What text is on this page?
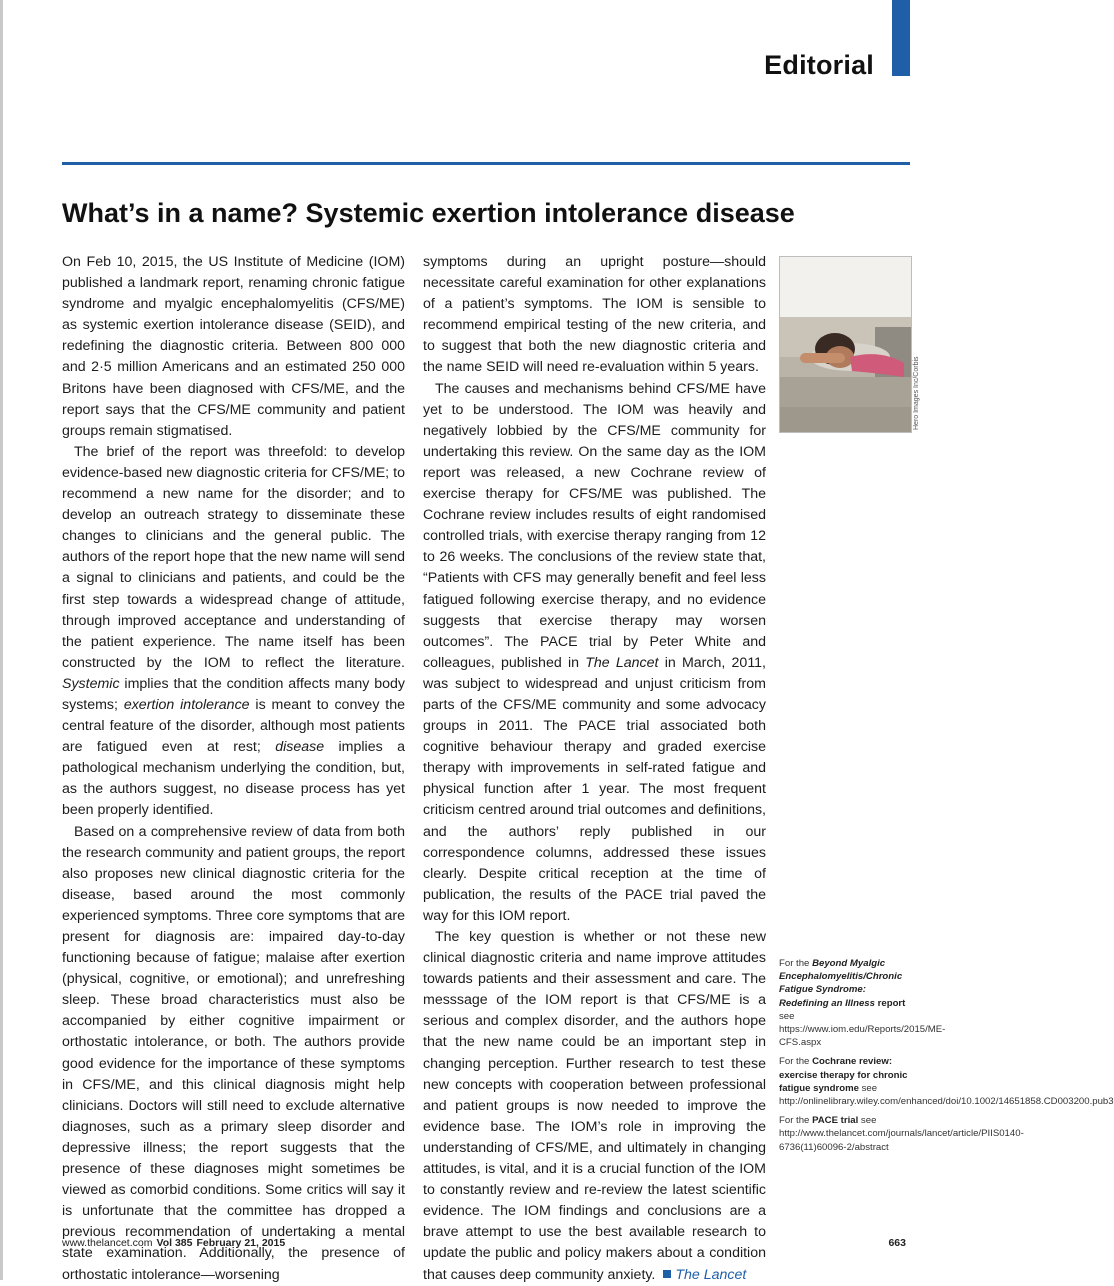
Editorial
What’s in a name? Systemic exertion intolerance disease

On Feb 10, 2015, the US Institute of Medicine (IOM) published a landmark report, renaming chronic fatigue syndrome and myalgic encephalomyelitis (CFS/ME) as systemic exertion intolerance disease (SEID), and redefining the diagnostic criteria. Between 800 000 and 2·5 million Americans and an estimated 250 000 Britons have been diagnosed with CFS/ME, and the report says that the CFS/ME community and patient groups remain stigmatised.

The brief of the report was threefold: to develop evidence-based new diagnostic criteria for CFS/ME; to recommend a new name for the disorder; and to develop an outreach strategy to disseminate these changes to clinicians and the general public. The authors of the report hope that the new name will send a signal to clinicians and patients, and could be the first step towards a widespread change of attitude, through improved acceptance and understanding of the patient experience. The name itself has been constructed by the IOM to reflect the literature. Systemic implies that the condition affects many body systems; exertion intolerance is meant to convey the central feature of the disorder, although most patients are fatigued even at rest; disease implies a pathological mechanism underlying the condition, but, as the authors suggest, no disease process has yet been properly identified.

Based on a comprehensive review of data from both the research community and patient groups, the report also proposes new clinical diagnostic criteria for the disease, based around the most commonly experienced symptoms. Three core symptoms that are present for diagnosis are: impaired day-to-day functioning because of fatigue; malaise after exertion (physical, cognitive, or emotional); and unrefreshing sleep. These broad characteristics must also be accompanied by either cognitive impairment or orthostatic intolerance, or both. The authors provide good evidence for the importance of these symptoms in CFS/ME, and this clinical diagnosis might help clinicians. Doctors will still need to exclude alternative diagnoses, such as a primary sleep disorder and depressive illness; the report suggests that the presence of these diagnoses might sometimes be viewed as comorbid conditions. Some critics will say it is unfortunate that the committee has dropped a previous recommendation of undertaking a mental state examination. Additionally, the presence of orthostatic intolerance—worsening

symptoms during an upright posture—should necessitate careful examination for other explanations of a patient’s symptoms. The IOM is sensible to recommend empirical testing of the new criteria, and to suggest that both the new diagnostic criteria and the name SEID will need re-evaluation within 5 years.

The causes and mechanisms behind CFS/ME have yet to be understood. The IOM was heavily and negatively lobbied by the CFS/ME community for undertaking this review. On the same day as the IOM report was released, a new Cochrane review of exercise therapy for CFS/ME was published. The Cochrane review includes results of eight randomised controlled trials, with exercise therapy ranging from 12 to 26 weeks. The conclusions of the review state that, “Patients with CFS may generally benefit and feel less fatigued following exercise therapy, and no evidence suggests that exercise therapy may worsen outcomes”. The PACE trial by Peter White and colleagues, published in The Lancet in March, 2011, was subject to widespread and unjust criticism from parts of the CFS/ME community and some advocacy groups in 2011. The PACE trial associated both cognitive behaviour therapy and graded exercise therapy with improvements in self-rated fatigue and physical function after 1 year. The most frequent criticism centred around trial outcomes and definitions, and the authors’ reply published in our correspondence columns, addressed these issues clearly. Despite critical reception at the time of publication, the results of the PACE trial paved the way for this IOM report.

The key question is whether or not these new clinical diagnostic criteria and name improve attitudes towards patients and their assessment and care. The messsage of the IOM report is that CFS/ME is a serious and complex disorder, and the authors hope that the new name could be an important step in changing perception. Further research to test these new concepts with cooperation between professional and patient groups is now needed to improve the evidence base. The IOM’s role in improving the understanding of CFS/ME, and ultimately in changing attitudes, is vital, and it is a crucial function of the IOM to constantly review and re-review the latest scientific evidence. The IOM findings and conclusions are a brave attempt to use the best available research to update the public and policy makers about a condition that causes deep community anxiety. The Lancet

Hero Images Inc/Corbis

For the Beyond Myalgic Encephalomyelitis/Chronic Fatigue Syndrome: Redefining an Illness report see https://www.iom.edu/Reports/2015/ME-CFS.aspx

For the Cochrane review: exercise therapy for chronic fatigue syndrome see http://onlinelibrary.wiley.com/enhanced/doi/10.1002/14651858.CD003200.pub3

For the PACE trial see http://www.thelancet.com/journals/lancet/article/PIIS0140-6736(11)60096-2/abstract

www.thelancet.com Vol 385 February 21, 2015	663
